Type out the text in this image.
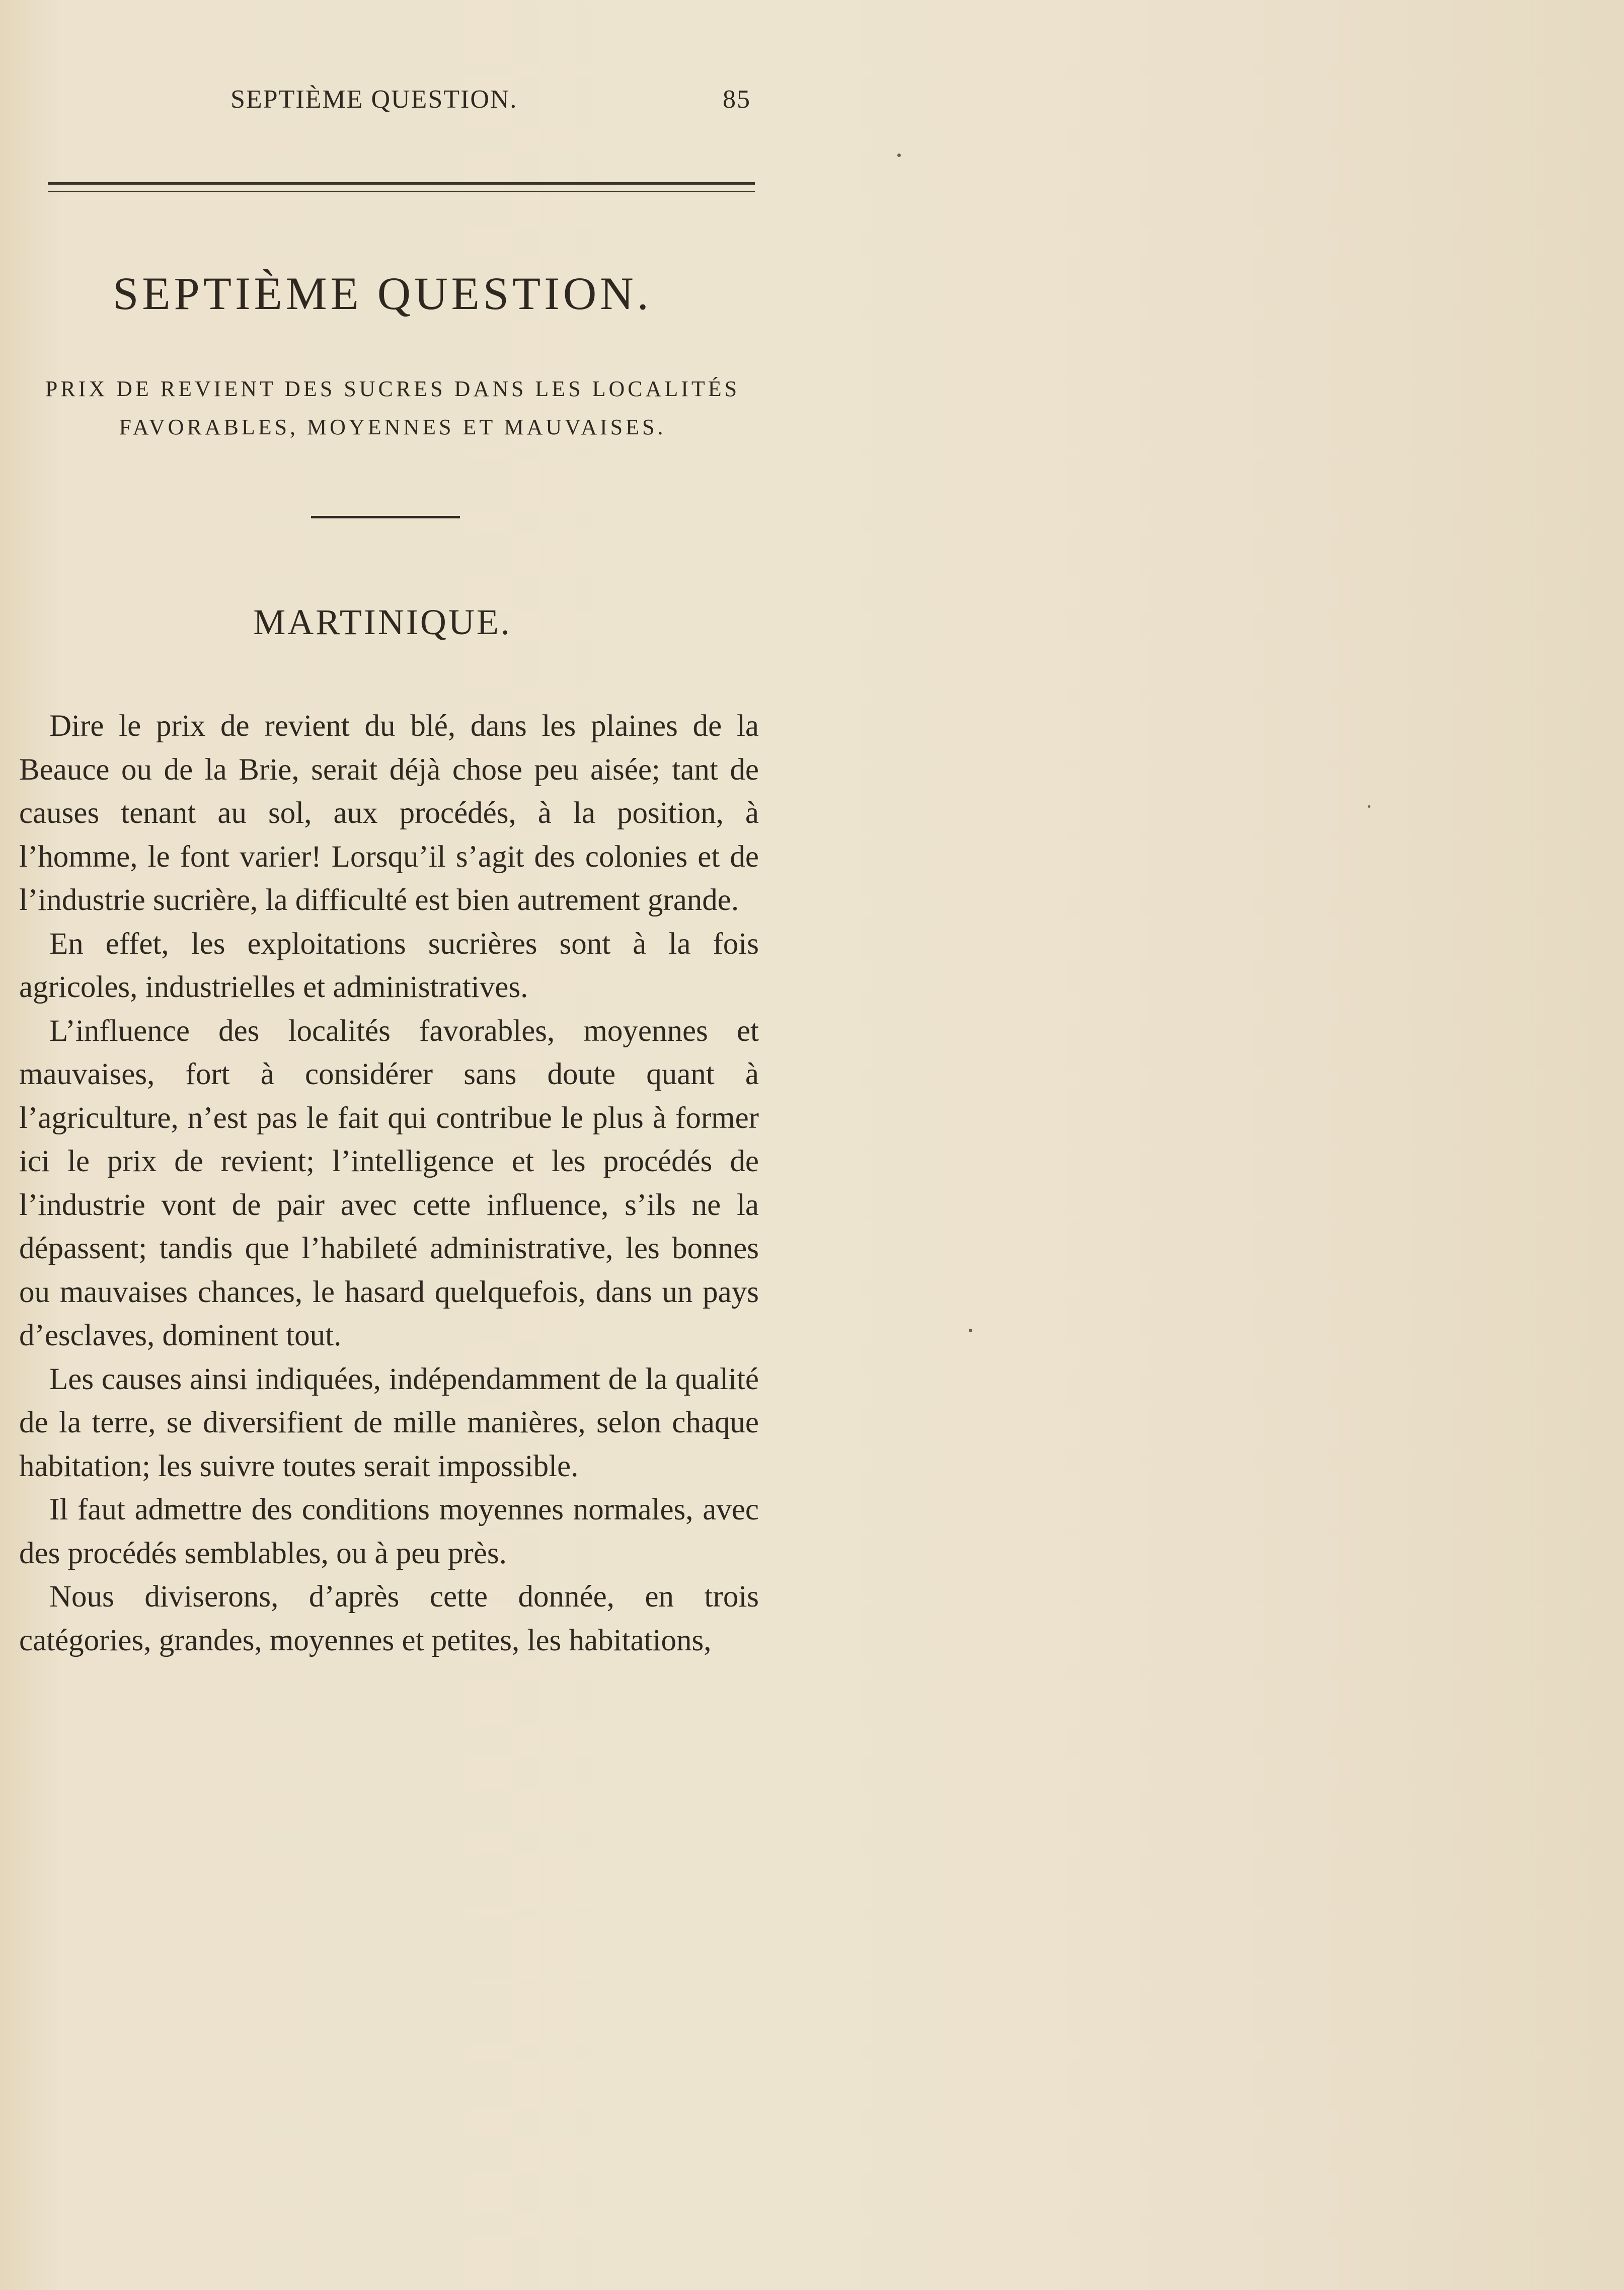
SEPTIÈME QUESTION.	85
SEPTIÈME QUESTION.

PRIX DE REVIENT DES SUCRES DANS LES LOCALITÉS FAVORABLES, MOYENNES ET MAUVAISES.

MARTINIQUE.

Dire le prix de revient du blé, dans les plaines de la Beauce ou de la Brie, serait déjà chose peu aisée; tant de causes tenant au sol, aux procédés, à la position, à l’homme, le font varier! Lorsqu’il s’agit des colonies et de l’industrie sucrière, la difficulté est bien autrement grande.

En effet, les exploitations sucrières sont à la fois agricoles, industrielles et administratives.

L’influence des localités favorables, moyennes et mauvaises, fort à considérer sans doute quant à l’agriculture, n’est pas le fait qui contribue le plus à former ici le prix de revient; l’intelligence et les procédés de l’industrie vont de pair avec cette influence, s’ils ne la dépassent; tandis que l’habileté administrative, les bonnes ou mauvaises chances, le hasard quelquefois, dans un pays d’esclaves, dominent tout.

Les causes ainsi indiquées, indépendamment de la qualité de la terre, se diversifient de mille manières, selon chaque habitation; les suivre toutes serait impossible.

Il faut admettre des conditions moyennes normales, avec des procédés semblables, ou à peu près.

Nous diviserons, d’après cette donnée, en trois catégories, grandes, moyennes et petites, les habitations,
